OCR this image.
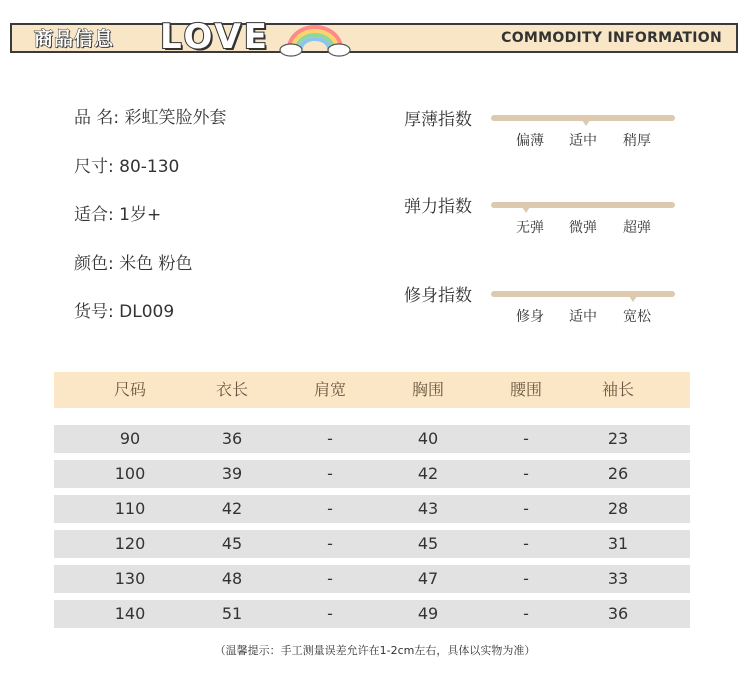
商品信息 LOVE	COMMODITY INFORMATION
品 名: 彩虹笑脸外套
尺寸: 80-130
适合: 1岁+
颜色: 米色 粉色
货号: DL009
厚薄指数
偏薄 适中 稍厚
弹力指数
无弹 微弹 超弹
修身指数
修身 适中 宽松
尺码	衣长	肩宽	胸围	腰围	袖长
90	36	-	40	-	23
100	39	-	42	-	26
110	42	-	43	-	28
120	45	-	45	-	31
130	48	-	47	-	33
140	51	-	49	-	36
（温馨提示：手工测量误差允许在1-2cm左右，具体以实物为准）
